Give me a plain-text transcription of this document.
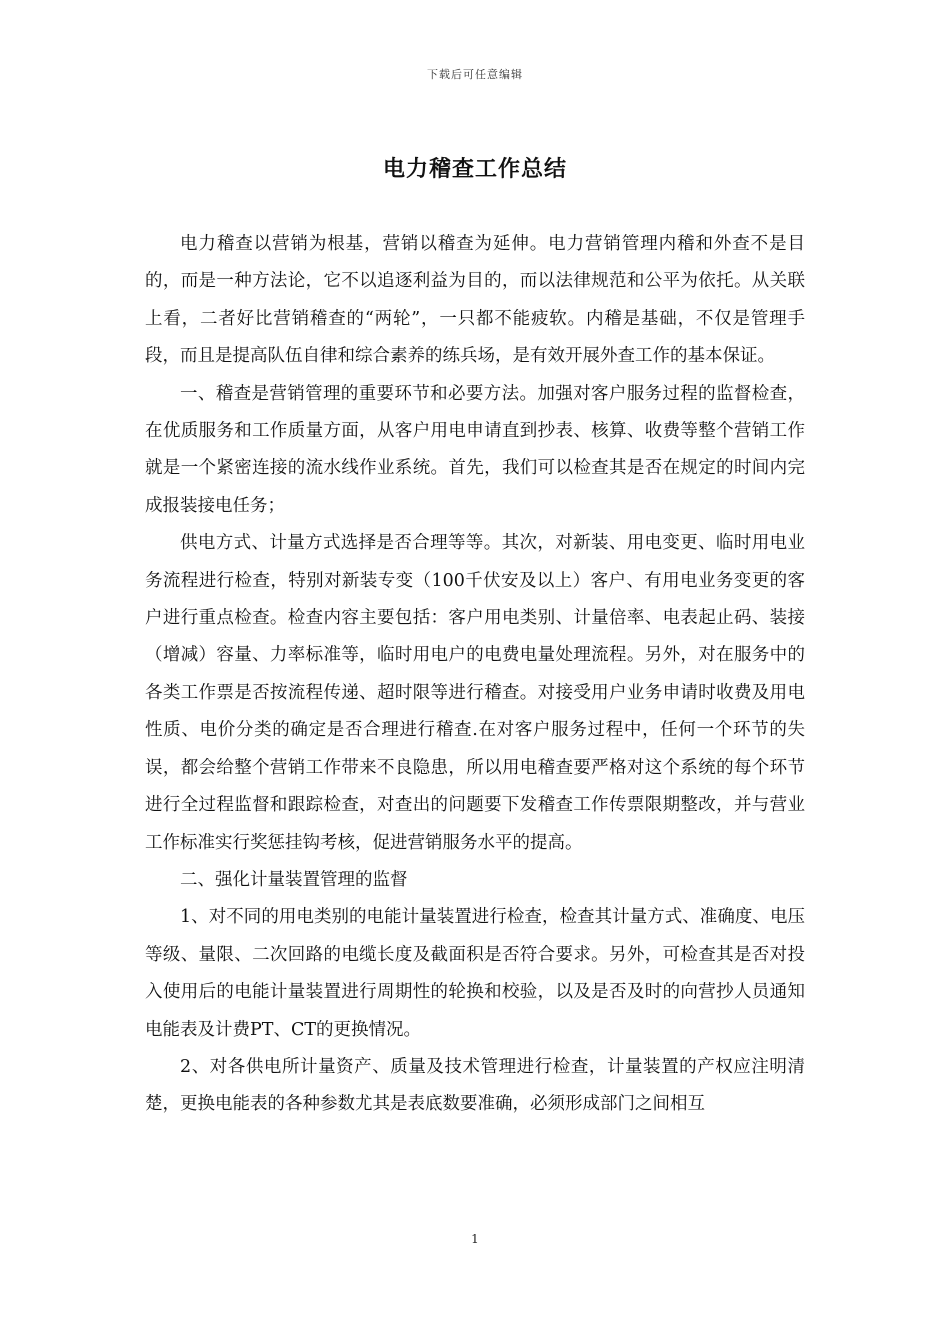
下载后可任意编辑
电力稽查工作总结

电力稽查以营销为根基，营销以稽查为延伸。电力营销管理内稽和外查不是目的，而是一种方法论，它不以追逐利益为目的，而以法律规范和公平为依托。从关联上看，二者好比营销稽查的“两轮”，一只都不能疲软。内稽是基础，不仅是管理手段，而且是提高队伍自律和综合素养的练兵场，是有效开展外查工作的基本保证。

一、稽查是营销管理的重要环节和必要方法。加强对客户服务过程的监督检查，在优质服务和工作质量方面，从客户用电申请直到抄表、核算、收费等整个营销工作就是一个紧密连接的流水线作业系统。首先，我们可以检查其是否在规定的时间内完成报装接电任务；

供电方式、计量方式选择是否合理等等。其次，对新装、用电变更、临时用电业务流程进行检查，特别对新装专变（100千伏安及以上）客户、有用电业务变更的客户进行重点检查。检查内容主要包括：客户用电类别、计量倍率、电表起止码、装接（增减）容量、力率标准等，临时用电户的电费电量处理流程。另外，对在服务中的各类工作票是否按流程传递、超时限等进行稽查。对接受用户业务申请时收费及用电性质、电价分类的确定是否合理进行稽查.在对客户服务过程中，任何一个环节的失误，都会给整个营销工作带来不良隐患，所以用电稽查要严格对这个系统的每个环节进行全过程监督和跟踪检查，对查出的问题要下发稽查工作传票限期整改，并与营业工作标准实行奖惩挂钩考核，促进营销服务水平的提高。

二、强化计量装置管理的监督

1、对不同的用电类别的电能计量装置进行检查，检查其计量方式、准确度、电压等级、量限、二次回路的电缆长度及截面积是否符合要求。另外，可检查其是否对投入使用后的电能计量装置进行周期性的轮换和校验，以及是否及时的向营抄人员通知电能表及计费PT、CT的更换情况。

2、对各供电所计量资产、质量及技术管理进行检查，计量装置的产权应注明清楚，更换电能表的各种参数尤其是表底数要准确，必须形成部门之间相互

1
